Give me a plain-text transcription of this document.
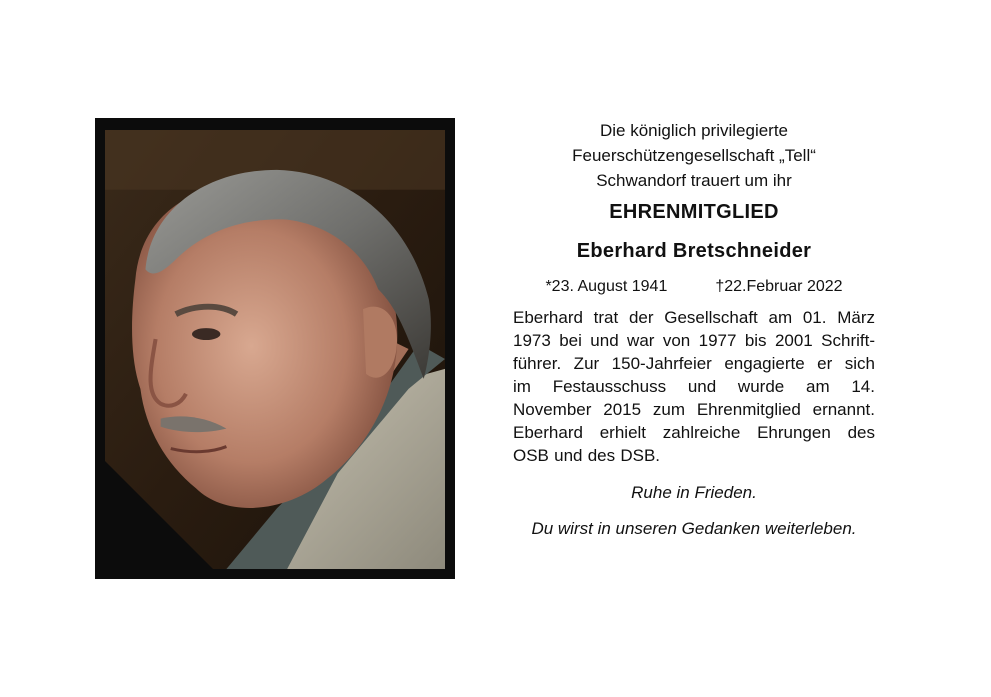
Die königlich privilegierte
Feuerschützengesellschaft „Tell“
Schwandorf trauert um ihr
EHRENMITGLIED
Eberhard Bretschneider
*23. August 1941	†22.Februar 2022
Eberhard trat der Gesellschaft am 01. März
1973 bei und war von 1977 bis 2001 Schrift-
führer. Zur 150-Jahrfeier engagierte er sich
im Festausschuss und wurde am 14.
November 2015 zum Ehrenmitglied ernannt.
Eberhard erhielt zahlreiche Ehrungen des
OSB und des DSB.
Ruhe in Frieden.
Du wirst in unseren Gedanken weiterleben.
